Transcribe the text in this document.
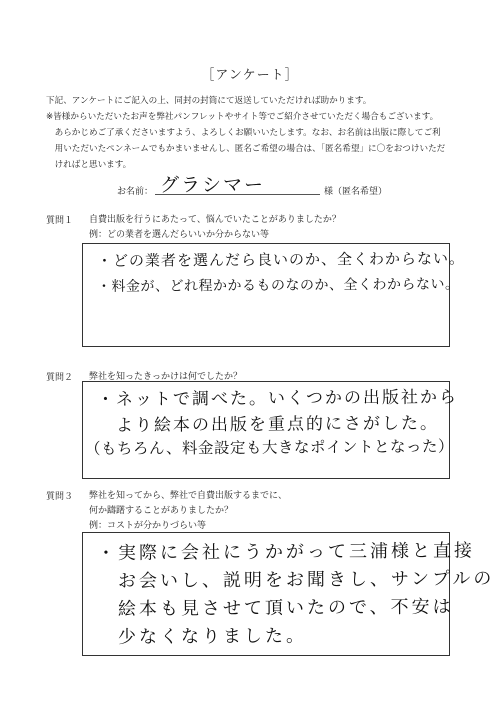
［アンケート］

下記、アンケートにご記入の上、同封の封筒にて返送していただければ助かります。

※皆様からいただいたお声を弊社パンフレットやサイト等でご紹介させていただく場合もございます。

　あらかじめご了承くださいますよう、よろしくお願いいたします。なお、お名前は出版に際してご利

　用いただいたペンネームでもかまいませんし、匿名ご希望の場合は、「匿名希望」に〇をおつけいただ

　ければと思います。

お名前： グラシマー	様（匿名希望）
質問１ 自費出版を行うにあたって、悩んでいたことがありましたか？

例：どの業者を選んだらいいか分からない等

・どの業者を選んだら良いのか、全くわからない。
・料金が、どれ程かかるものなのか、全くわからない。
質問２ 弊社を知ったきっかけは何でしたか？

・ネットで調べた。いくつかの出版社から
　より絵本の出版を重点的にさがした。
（もちろん、料金設定も大きなポイントとなった）
質問３ 弊社を知ってから、弊社で自費出版するまでに、

何か躊躇することがありましたか？

例：コストが分かりづらい等

・実際に会社にうかがって三浦様と直接
　お会いし、説明をお聞きし、サンプルの
　絵本も見させて頂いたので、不安は
　少なくなりました。
